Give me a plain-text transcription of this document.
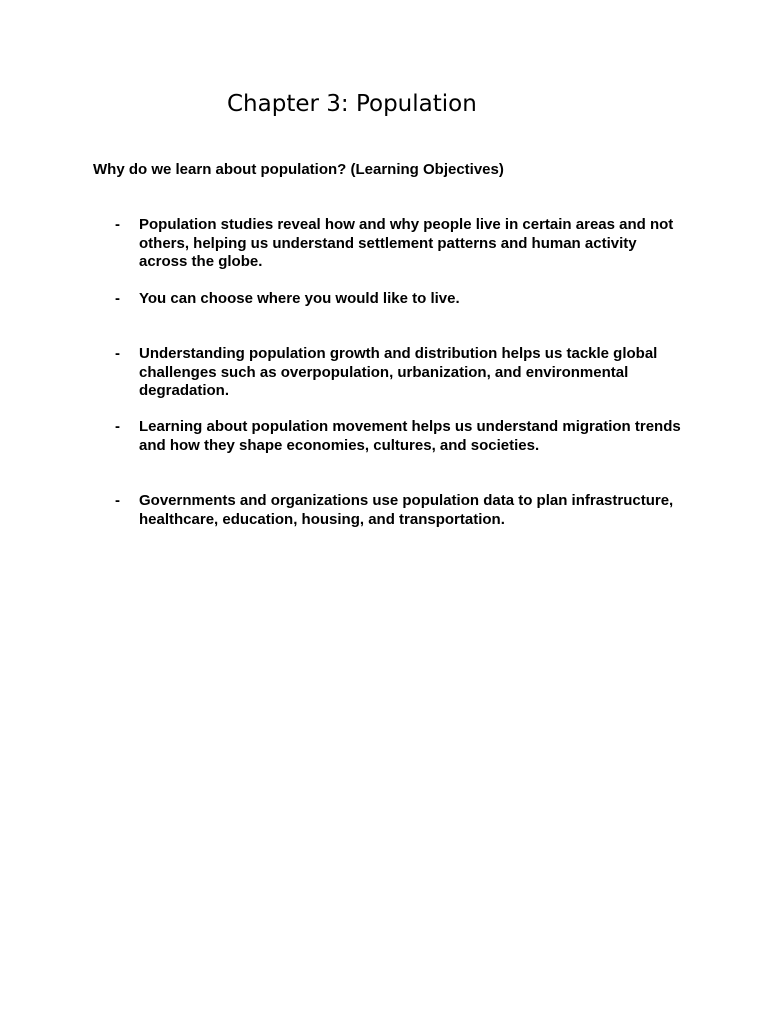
Chapter 3: Population

Why do we learn about population? (Learning Objectives)

-	Population studies reveal how and why people live in certain areas and not others, helping us understand settlement patterns and human activity across the globe.
-	You can choose where you would like to live.
-	Understanding population growth and distribution helps us tackle global challenges such as overpopulation, urbanization, and environmental degradation.
-	Learning about population movement helps us understand migration trends and how they shape economies, cultures, and societies.
-	Governments and organizations use population data to plan infrastructure, healthcare, education, housing, and transportation.
